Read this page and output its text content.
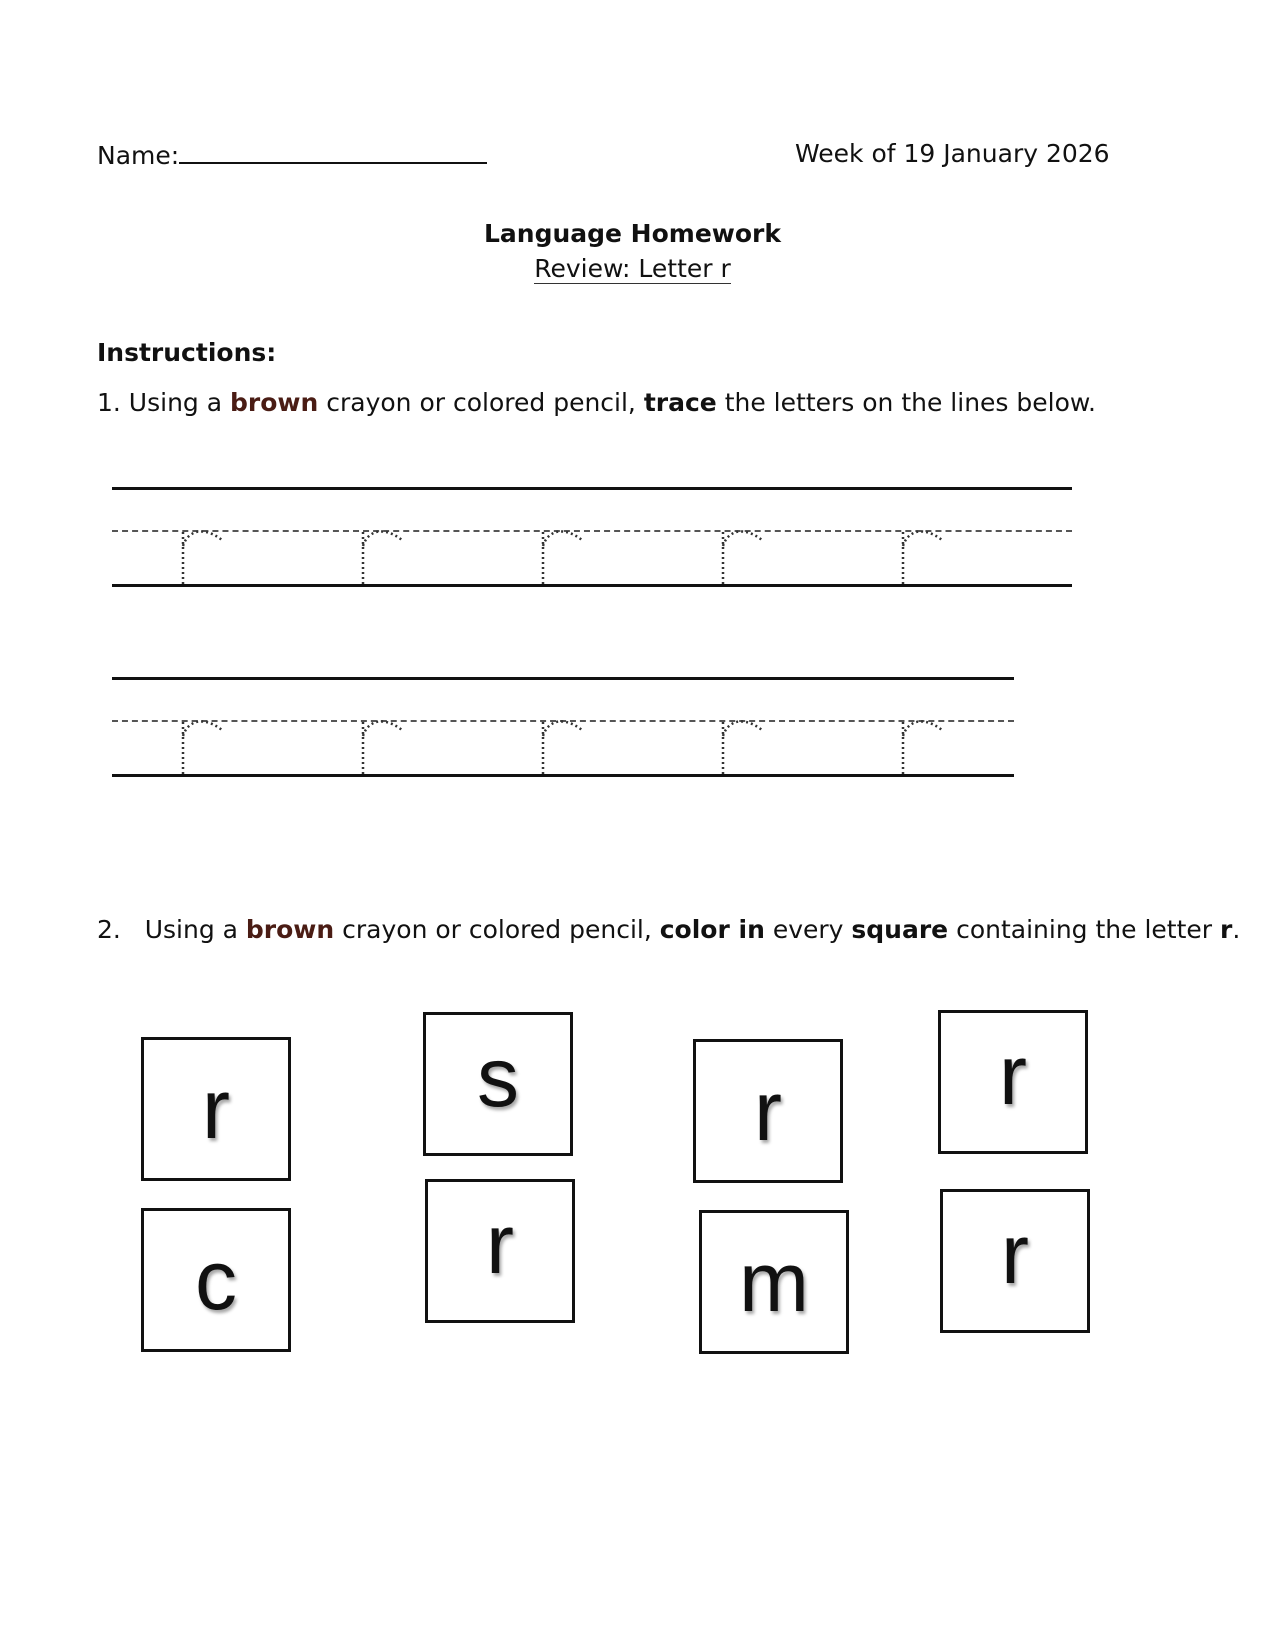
Name:	Week of 19 January 2026
Language Homework
Review: Letter r
Instructions:
1. Using a brown crayon or colored pencil, trace the letters on the lines below.
2. Using a brown crayon or colored pencil, color in every square containing the letter r.
r	s	r	r
c	r	m	r
